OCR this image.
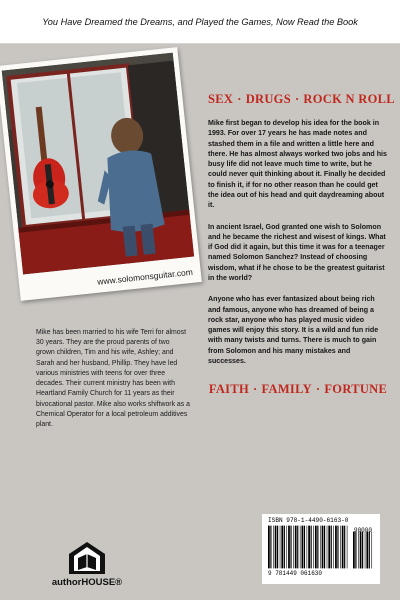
You Have Dreamed the Dreams, and Played the Games, Now Read the Book
www.solomonsguitar.com
Mike has been married to his wife Terri for almost 30 years. They are the proud parents of two grown children, Tim and his wife, Ashley; and Sarah and her husband, Phillip. They have led various ministries with teens for over three decades. Their current ministry has been with Heartland Family Church for 11 years as their bivocational pastor. Mike also works shiftwork as a Chemical Operator for a local petroleum additives plant.
SEX · DRUGS · ROCK N ROLL

Mike first began to develop his idea for the book in 1993. For over 17 years he has made notes and stashed them in a file and written a little here and there. He has almost always worked two jobs and his busy life did not leave much time to write, but he could never quit thinking about it. Finally he decided to finish it, if for no other reason than he could get the idea out of his head and quit daydreaming about it.

In ancient Israel, God granted one wish to Solomon and he became the richest and wisest of kings. What if God did it again, but this time it was for a teenager named Solomon Sanchez? Instead of choosing wisdom, what if he chose to be the greatest guitarist in the world?

Anyone who has ever fantasized about being rich and famous, anyone who has dreamed of being a rock star, anyone who has played music video games will enjoy this story. It is a wild and fun ride with many twists and turns. There is much to gain from Solomon and his many mistakes and successes.

FAITH · FAMILY · FORTUNE
ISBN 978-1-4490-6163-0
90000
9 781449 061630
authorHOUSE®
